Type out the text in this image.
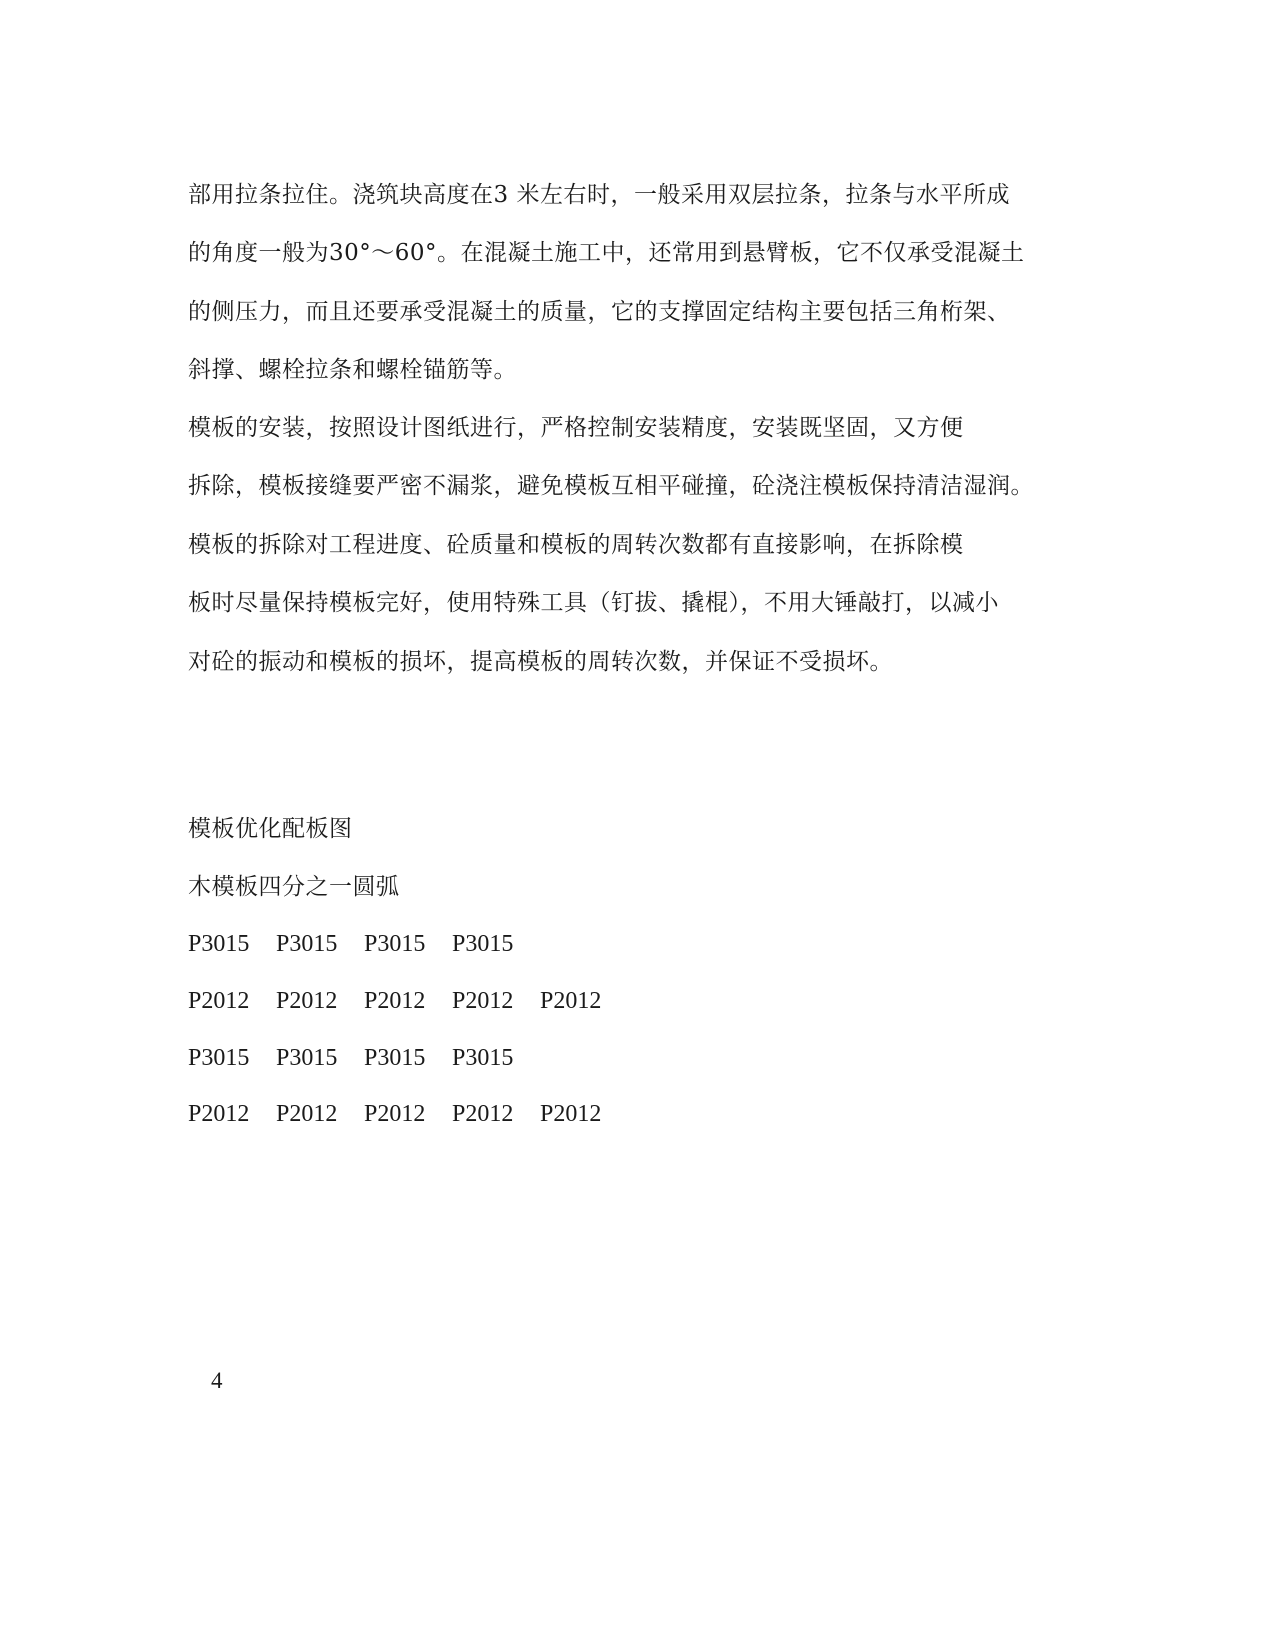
部用拉条拉住。浇筑块高度在3 米左右时，一般采用双层拉条，拉条与水平所成
的角度一般为30°～60°。在混凝土施工中，还常用到悬臂板，它不仅承受混凝土
的侧压力，而且还要承受混凝土的质量，它的支撑固定结构主要包括三角桁架、
斜撑、螺栓拉条和螺栓锚筋等。
模板的安装，按照设计图纸进行，严格控制安装精度，安装既坚固，又方便
拆除，模板接缝要严密不漏浆，避免模板互相平碰撞，砼浇注模板保持清洁湿润。
模板的拆除对工程进度、砼质量和模板的周转次数都有直接影响，在拆除模
板时尽量保持模板完好，使用特殊工具（钉拔、撬棍），不用大锤敲打，以减小
对砼的振动和模板的损坏，提高模板的周转次数，并保证不受损坏。
模板优化配板图
木模板四分之一圆弧
P3015 P3015 P3015 P3015
P2012 P2012 P2012 P2012 P2012
P3015 P3015 P3015 P3015
P2012 P2012 P2012 P2012 P2012
4
